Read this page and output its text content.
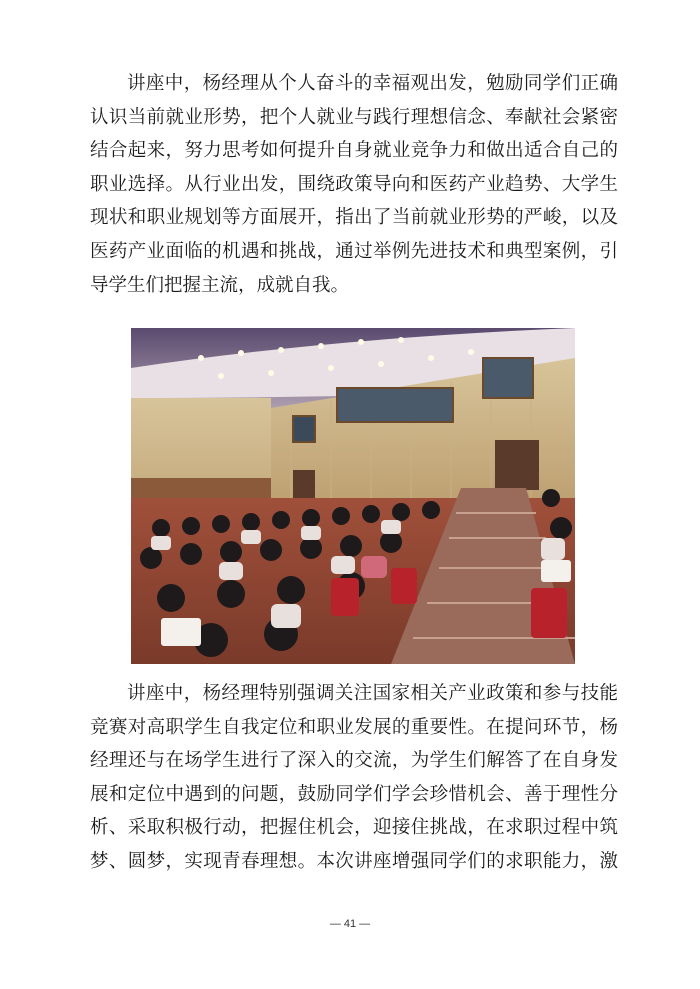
讲座中，杨经理从个人奋斗的幸福观出发，勉励同学们正确
认识当前就业形势，把个人就业与践行理想信念、奉献社会紧密
结合起来，努力思考如何提升自身就业竞争力和做出适合自己的
职业选择。从行业出发，围绕政策导向和医药产业趋势、大学生
现状和职业规划等方面展开，指出了当前就业形势的严峻，以及
医药产业面临的机遇和挑战，通过举例先进技术和典型案例，引
导学生们把握主流，成就自我。
讲座中，杨经理特别强调关注国家相关产业政策和参与技能
竞赛对高职学生自我定位和职业发展的重要性。在提问环节，杨
经理还与在场学生进行了深入的交流，为学生们解答了在自身发
展和定位中遇到的问题，鼓励同学们学会珍惜机会、善于理性分
析、采取积极行动，把握住机会，迎接住挑战，在求职过程中筑
梦、圆梦，实现青春理想。本次讲座增强同学们的求职能力，激
— 41 —
